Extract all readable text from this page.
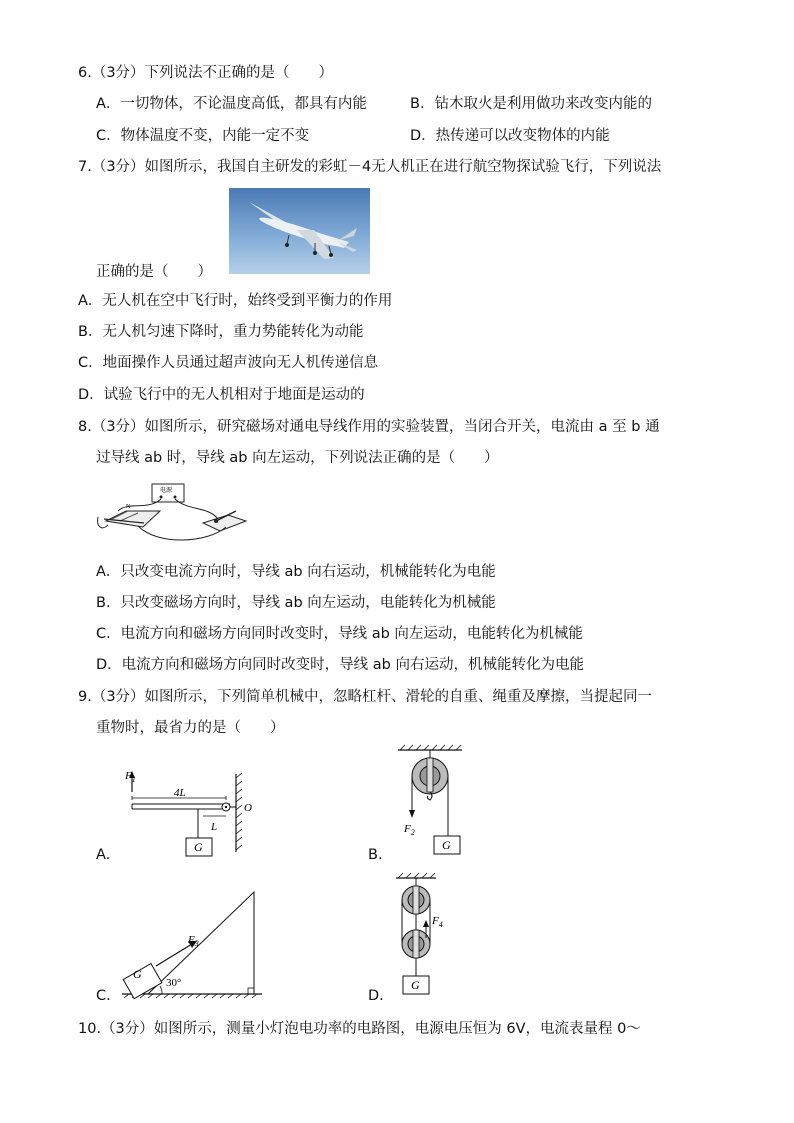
6.（3分）下列说法不正确的是（　　）
A．一切物体，不论温度高低，都具有内能	B．钻木取火是利用做功来改变内能的
C．物体温度不变，内能一定不变	D．热传递可以改变物体的内能
7.（3分）如图所示，我国自主研发的彩虹－4无人机正在进行航空物探试验飞行，下列说法
正确的是（　　）
A．无人机在空中飞行时，始终受到平衡力的作用
B．无人机匀速下降时，重力势能转化为动能
C．地面操作人员通过超声波向无人机传递信息
D．试验飞行中的无人机相对于地面是运动的
8.（3分）如图所示，研究磁场对通电导线作用的实验装置，当闭合开关，电流由 a 至 b 通
过导线 ab 时，导线 ab 向左运动，下列说法正确的是（　　）
电源
N
A．只改变电流方向时，导线 ab 向右运动，机械能转化为电能
B．只改变磁场方向时，导线 ab 向左运动，电能转化为机械能
C．电流方向和磁场方向同时改变时，导线 ab 向左运动，电能转化为机械能
D．电流方向和磁场方向同时改变时，导线 ab 向右运动，机械能转化为电能
9.（3分）如图所示，下列简单机械中，忽略杠杆、滑轮的自重、绳重及摩擦，当提起同一
重物时，最省力的是（　　）
$F_1$
4L
O
L
G
A.
$F_2$
G
B.
G
$F_3$
30°
C.
$F_4$
G
D.
10.（3分）如图所示，测量小灯泡电功率的电路图，电源电压恒为 6V，电流表量程 0～
